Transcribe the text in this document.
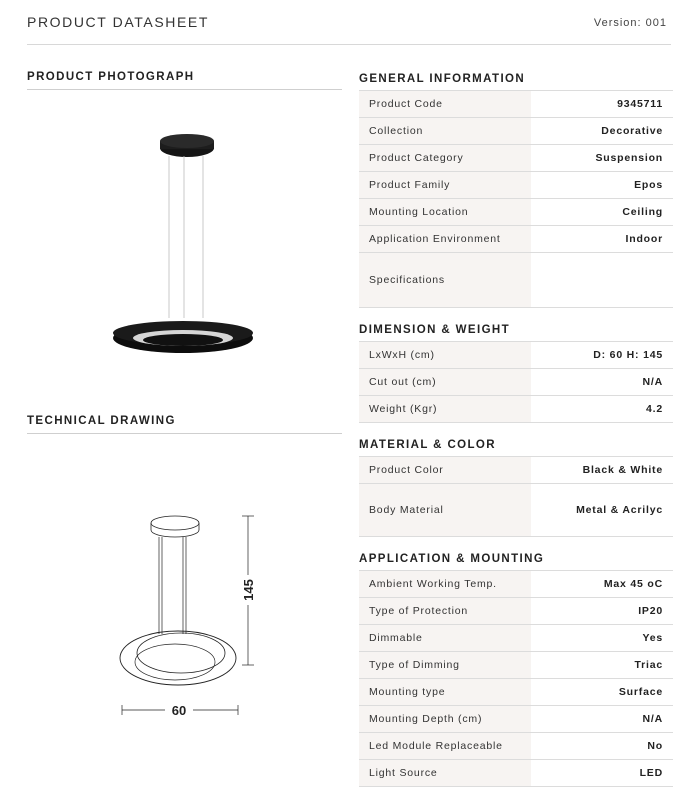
PRODUCT DATASHEET	Version: 001
PRODUCT PHOTOGRAPH
TECHNICAL DRAWING
145
60
GENERAL INFORMATION
Product Code	9345711
Collection	Decorative
Product Category	Suspension
Product Family	Epos
Mounting Location	Ceiling
Application Environment	Indoor
Specifications
DIMENSION & WEIGHT
LxWxH (cm)	D: 60 H: 145
Cut out (cm)	N/A
Weight (Kgr)	4.2
MATERIAL & COLOR
Product Color	Black & White
Body Material	Metal & Acrilyc
APPLICATION & MOUNTING
Ambient Working Temp.	Max 45 oC
Type of Protection	IP20
Dimmable	Yes
Type of Dimming	Triac
Mounting type	Surface
Mounting Depth (cm)	N/A
Led Module Replaceable	No
Light Source	LED
